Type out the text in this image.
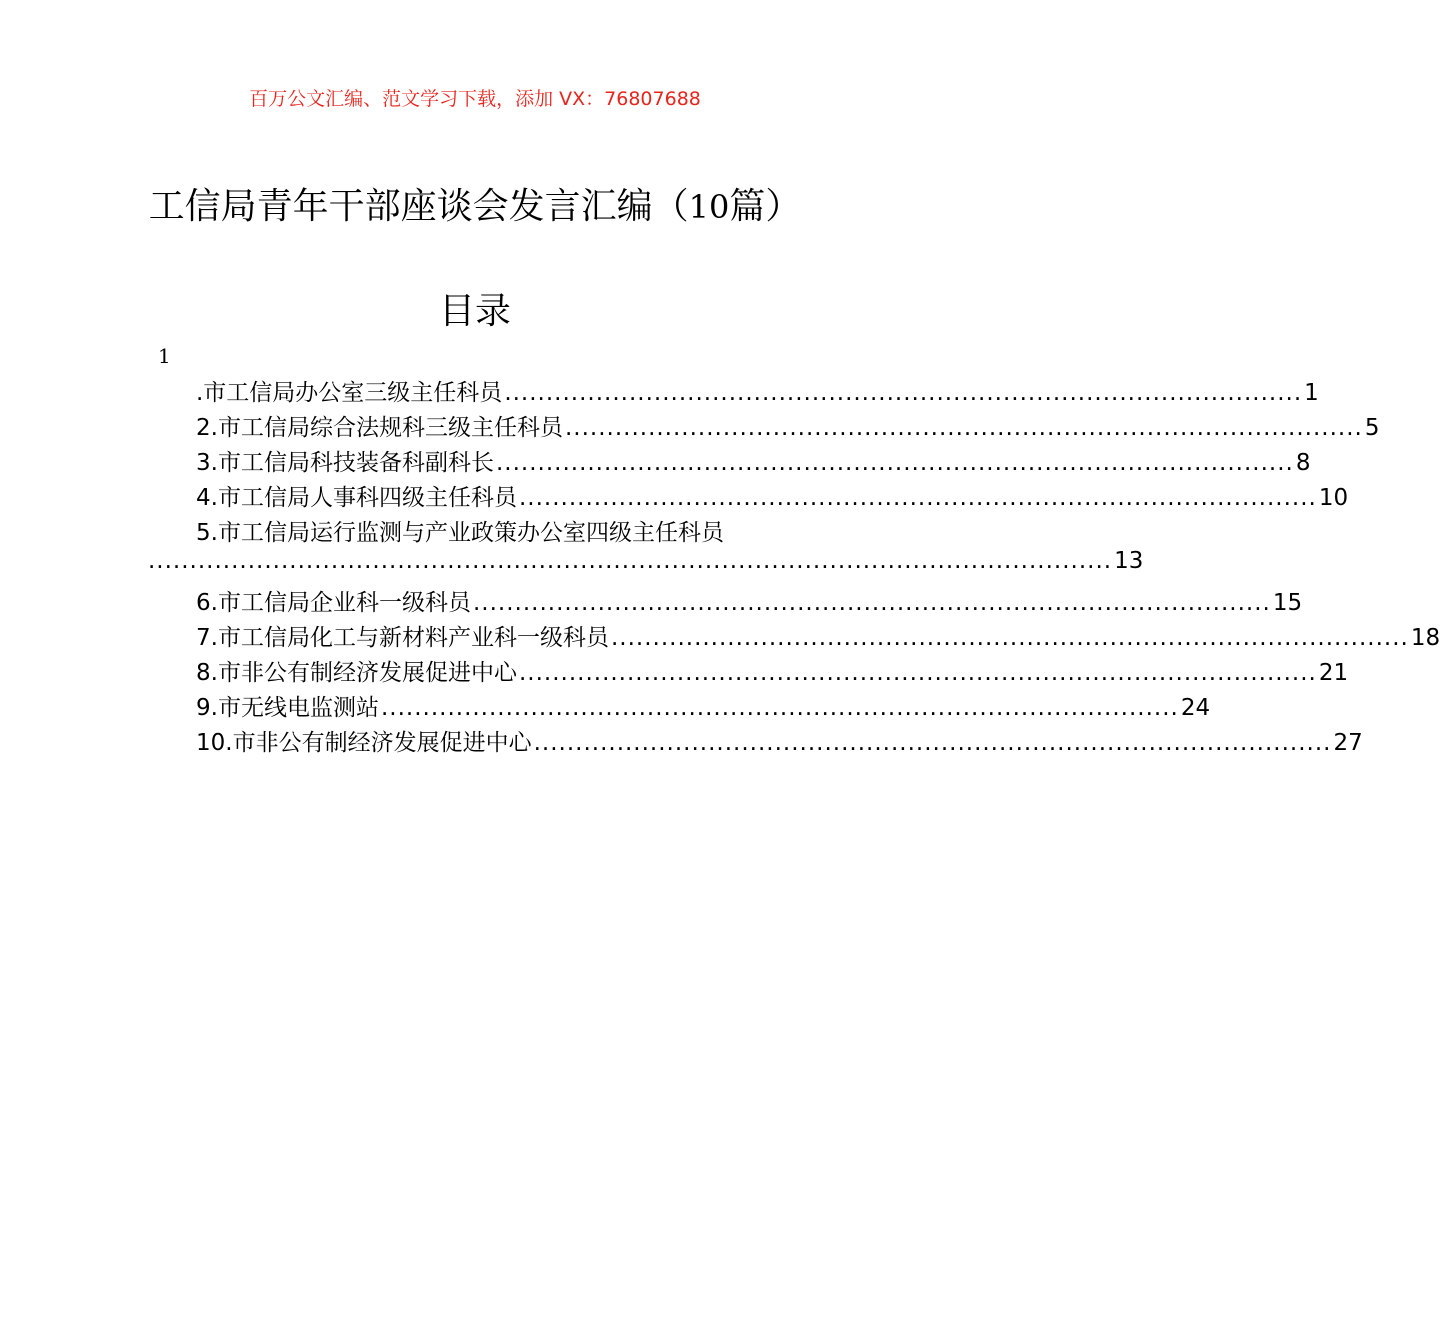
百万公文汇编、范文学习下载，添加 VX：76807688
工信局青年干部座谈会发言汇编（10篇）
目录
1
.市工信局办公室三级主任科员 ................................................................................................ 1
2.市工信局综合法规科三级主任科员 ................................................................................................ 5
3.市工信局科技装备科副科长 ................................................................................................ 8
4.市工信局人事科四级主任科员 ................................................................................................ 10
5.市工信局运行监测与产业政策办公室四级主任科员
.................................................................................................................... 13
6.市工信局企业科一级科员 ................................................................................................ 15
7.市工信局化工与新材料产业科一级科员 ................................................................................................ 18
8.市非公有制经济发展促进中心 ................................................................................................ 21
9.市无线电监测站 ................................................................................................ 24
10.市非公有制经济发展促进中心 ................................................................................................ 27
